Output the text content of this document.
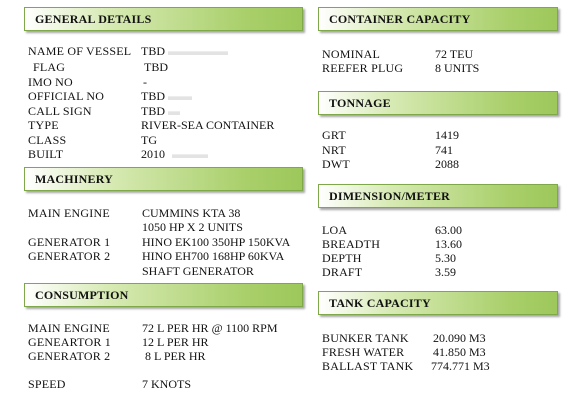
GENERAL DETAILS
NAME OF VESSEL TBD ▬▬▬▬▬
FLAG	TBD
IMO NO	-
OFFICIAL NO	TBD ▬▬
CALL SIGN	TBD ▬
TYPE	RIVER-SEA CONTAINER
CLASS	TG
BUILT	2010 ▬▬▬
MACHINERY
MAIN ENGINE	CUMMINS KTA 38
1050 HP X 2 UNITS
GENERATOR 1	HINO EK100 350HP 150KVA
GENERATOR 2	HINO EH700 168HP 60KVA
SHAFT GENERATOR
CONSUMPTION
MAIN ENGINE	72 L PER HR @ 1100 RPM
GENEARTOR 1	12 L PER HR
GENERATOR 2	8 L PER HR
SPEED	7 KNOTS
CONTAINER CAPACITY
NOMINAL	72 TEU
REEFER PLUG	8 UNITS
TONNAGE
GRT	1419
NRT	741
DWT	2088
DIMENSION/METER
LOA	63.00
BREADTH	13.60
DEPTH	5.30
DRAFT	3.59
TANK CAPACITY
BUNKER TANK 20.090 M3
FRESH WATER 41.850 M3
BALLAST TANK 774.771 M3
